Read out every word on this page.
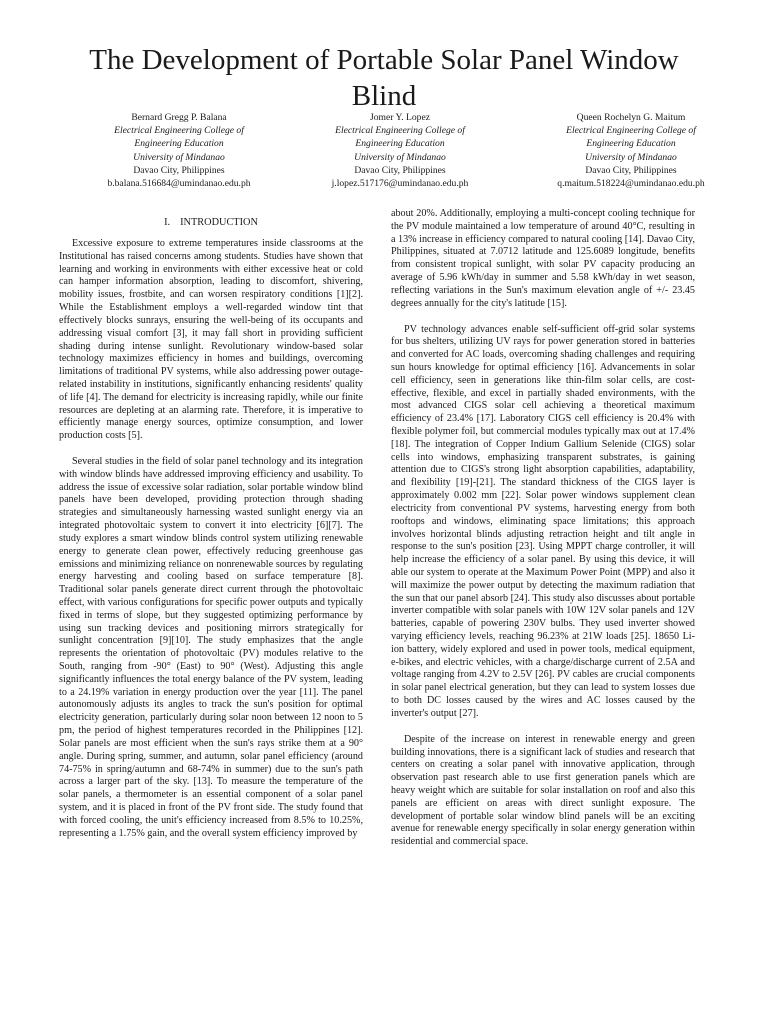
The Development of Portable Solar Panel Window Blind
Bernard Gregg P. Balana
Electrical Engineering College of
Engineering Education
University of Mindanao
Davao City, Philippines
b.balana.516684@umindanao.edu.ph
Jomer Y. Lopez
Electrical Engineering College of
Engineering Education
University of Mindanao
Davao City, Philippines
j.lopez.517176@umindanao.edu.ph
Queen Rochelyn G. Maitum
Electrical Engineering College of
Engineering Education
University of Mindanao
Davao City, Philippines
q.maitum.518224@umindanao.edu.ph
I. INTRODUCTION

Excessive exposure to extreme temperatures inside classrooms at the Institutional has raised concerns among students. Studies have shown that learning and working in environments with either excessive heat or cold can hamper information absorption, leading to discomfort, shivering, mobility issues, frostbite, and can worsen respiratory conditions [1][2]. While the Establishment employs a well-regarded window tint that effectively blocks sunrays, ensuring the well-being of its occupants and addressing visual comfort [3], it may fall short in providing sufficient shading during intense sunlight. Revolutionary window-based solar technology maximizes efficiency in homes and buildings, overcoming limitations of traditional PV systems, while also addressing power outage-related instability in institutions, significantly enhancing residents' quality of life [4]. The demand for electricity is increasing rapidly, while our finite resources are depleting at an alarming rate. Therefore, it is imperative to efficiently manage energy sources, optimize consumption, and lower production costs [5].

Several studies in the field of solar panel technology and its integration with window blinds have addressed improving efficiency and usability. To address the issue of excessive solar radiation, solar portable window blind panels have been developed, providing protection through shading strategies and simultaneously harnessing wasted sunlight energy via an integrated photovoltaic system to convert it into electricity [6][7]. The study explores a smart window blinds control system utilizing renewable energy to generate clean power, effectively reducing greenhouse gas emissions and minimizing reliance on nonrenewable sources by regulating energy harvesting and cooling based on surface temperature [8]. Traditional solar panels generate direct current through the photovoltaic effect, with various configurations for specific power outputs and typically fixed in terms of slope, but they suggested optimizing performance by using sun tracking devices and positioning mirrors strategically for sunlight concentration [9][10]. The study emphasizes that the angle represents the orientation of photovoltaic (PV) modules relative to the South, ranging from -90° (East) to 90° (West). Adjusting this angle significantly influences the total energy balance of the PV system, leading to a 24.19% variation in energy production over the year [11]. The panel autonomously adjusts its angles to track the sun's position for optimal electricity generation, particularly during solar noon between 12 noon to 5 pm, the period of highest temperatures recorded in the Philippines [12]. Solar panels are most efficient when the sun's rays strike them at a 90° angle. During spring, summer, and autumn, solar panel efficiency (around 74-75% in spring/autumn and 68-74% in summer) due to the sun's path across a larger part of the sky. [13]. To measure the temperature of the solar panels, a thermometer is an essential component of a solar panel system, and it is placed in front of the PV front side. The study found that with forced cooling, the unit's efficiency increased from 8.5% to 10.25%, representing a 1.75% gain, and the overall system efficiency improved by

about 20%. Additionally, employing a multi-concept cooling technique for the PV module maintained a low temperature of around 40°C, resulting in a 13% increase in efficiency compared to natural cooling [14]. Davao City, Philippines, situated at 7.0712 latitude and 125.6089 longitude, benefits from consistent tropical sunlight, with solar PV capacity producing an average of 5.96 kWh/day in summer and 5.58 kWh/day in wet season, reflecting variations in the Sun's maximum elevation angle of +/- 23.45 degrees annually for the city's latitude [15].

PV technology advances enable self-sufficient off-grid solar systems for bus shelters, utilizing UV rays for power generation stored in batteries and converted for AC loads, overcoming shading challenges and requiring sun hours knowledge for optimal efficiency [16]. Advancements in solar cell efficiency, seen in generations like thin-film solar cells, are cost-effective, flexible, and excel in partially shaded environments, with the most advanced CIGS solar cell achieving a theoretical maximum efficiency of 23.4% [17]. Laboratory CIGS cell efficiency is 20.4% with flexible polymer foil, but commercial modules typically max out at 17.4% [18]. The integration of Copper Indium Gallium Selenide (CIGS) solar cells into windows, emphasizing transparent substrates, is gaining attention due to CIGS's strong light absorption capabilities, adaptability, and flexibility [19]-[21]. The standard thickness of the CIGS layer is approximately 0.002 mm [22]. Solar power windows supplement clean electricity from conventional PV systems, harvesting energy from both rooftops and windows, eliminating space limitations; this approach involves horizontal blinds adjusting retraction height and tilt angle in response to the sun's position [23]. Using MPPT charge controller, it will help increase the efficiency of a solar panel. By using this device, it will able our system to operate at the Maximum Power Point (MPP) and also it will maximize the power output by detecting the maximum radiation that the sun that our panel absorb [24]. This study also discusses about portable inverter compatible with solar panels with 10W 12V solar panels and 12V batteries, capable of powering 230V bulbs. They used inverter showed varying efficiency levels, reaching 96.23% at 21W loads [25]. 18650 Li-ion battery, widely explored and used in power tools, medical equipment, e-bikes, and electric vehicles, with a charge/discharge current of 2.5A and voltage ranging from 4.2V to 2.5V [26]. PV cables are crucial components in solar panel electrical generation, but they can lead to system losses due to both DC losses caused by the wires and AC losses caused by the inverter's output [27].

Despite of the increase on interest in renewable energy and green building innovations, there is a significant lack of studies and research that centers on creating a solar panel with innovative application, through observation past research able to use first generation panels which are heavy weight which are suitable for solar installation on roof and also this panels are efficient on areas with direct sunlight exposure. The development of portable solar window blind panels will be an exciting avenue for renewable energy specifically in solar energy generation within residential and commercial space.
